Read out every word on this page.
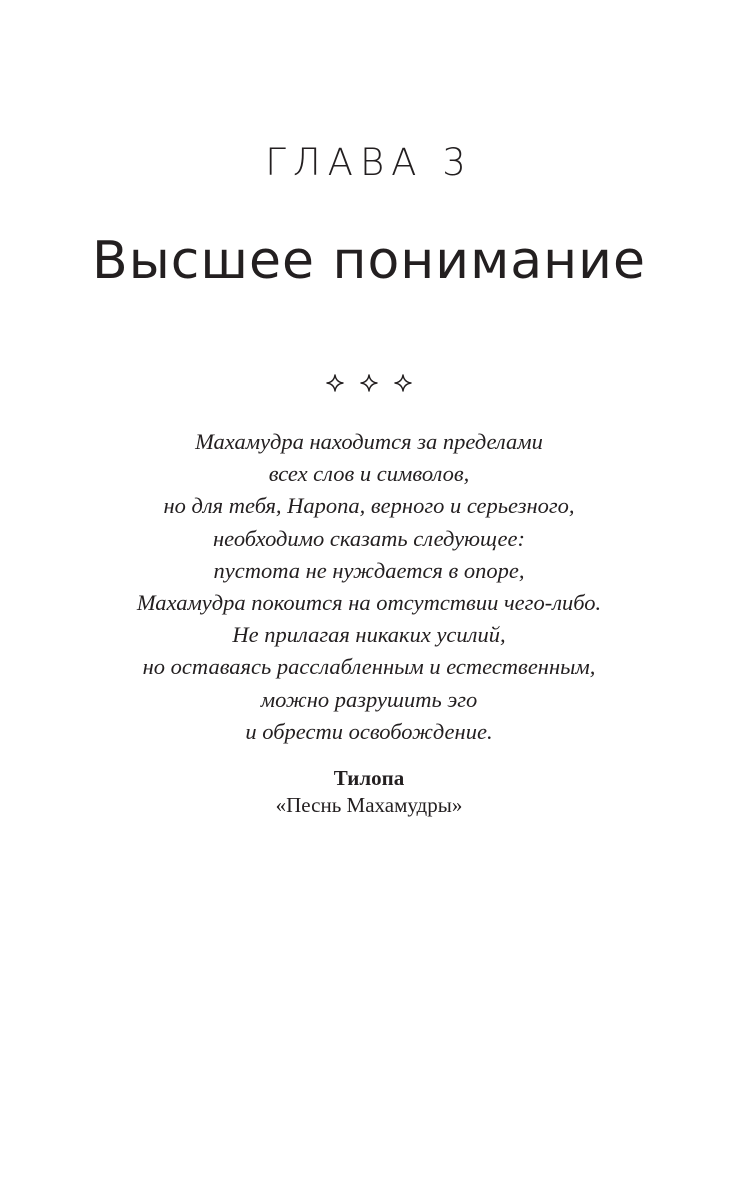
ГЛАВА 3
Высшее понимание
Махамудра находится за пределами
всех слов и символов,
но для тебя, Наропа, верного и серьезного,
необходимо сказать следующее:
пустота не нуждается в опоре,
Махамудра покоится на отсутствии чего-либо.
Не прилагая никаких усилий,
но оставаясь расслабленным и естественным,
можно разрушить эго
и обрести освобождение.
Тилопа
«Песнь Махамудры»
